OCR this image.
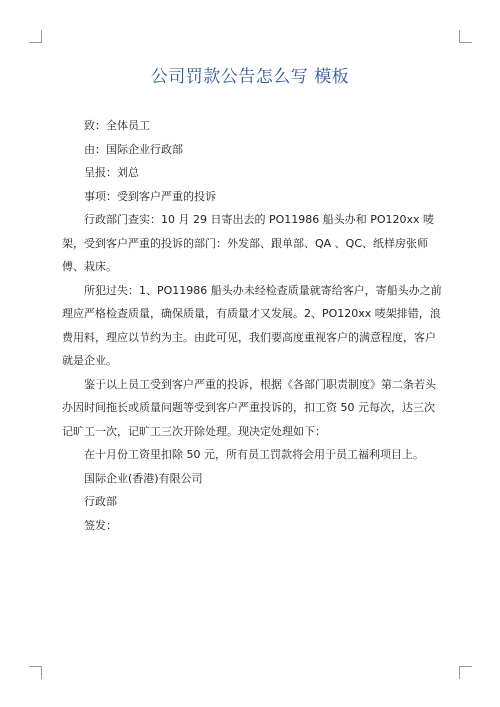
公司罚款公告怎么写 模板

致：全体员工

由：国际企业行政部

呈报：刘总

事项：受到客户严重的投诉

行政部门查实：10 月 29 日寄出去的 PO11986 船头办和 PO120xx 唛架，受到客户严重的投诉的部门：外发部、跟单部、QA 、QC、纸样房张师傅、栽床。

所犯过失：1、PO11986 船头办未经检查质量就寄给客户，寄船头办之前理应严格检查质量，确保质量，有质量才又发展。2、PO120xx 唛架排错，浪费用料，理应以节约为主。由此可见，我们要高度重视客户的满意程度，客户就是企业。

鉴于以上员工受到客户严重的投诉，根据《各部门职责制度》第二条若头办因时间拖长或质量问题等受到客户严重投诉的，扣工资 50 元每次，达三次记旷工一次，记旷工三次开除处理。现决定处理如下：

在十月份工资里扣除 50 元，所有员工罚款将会用于员工福利项目上。

国际企业(香港)有限公司

行政部

签发：
